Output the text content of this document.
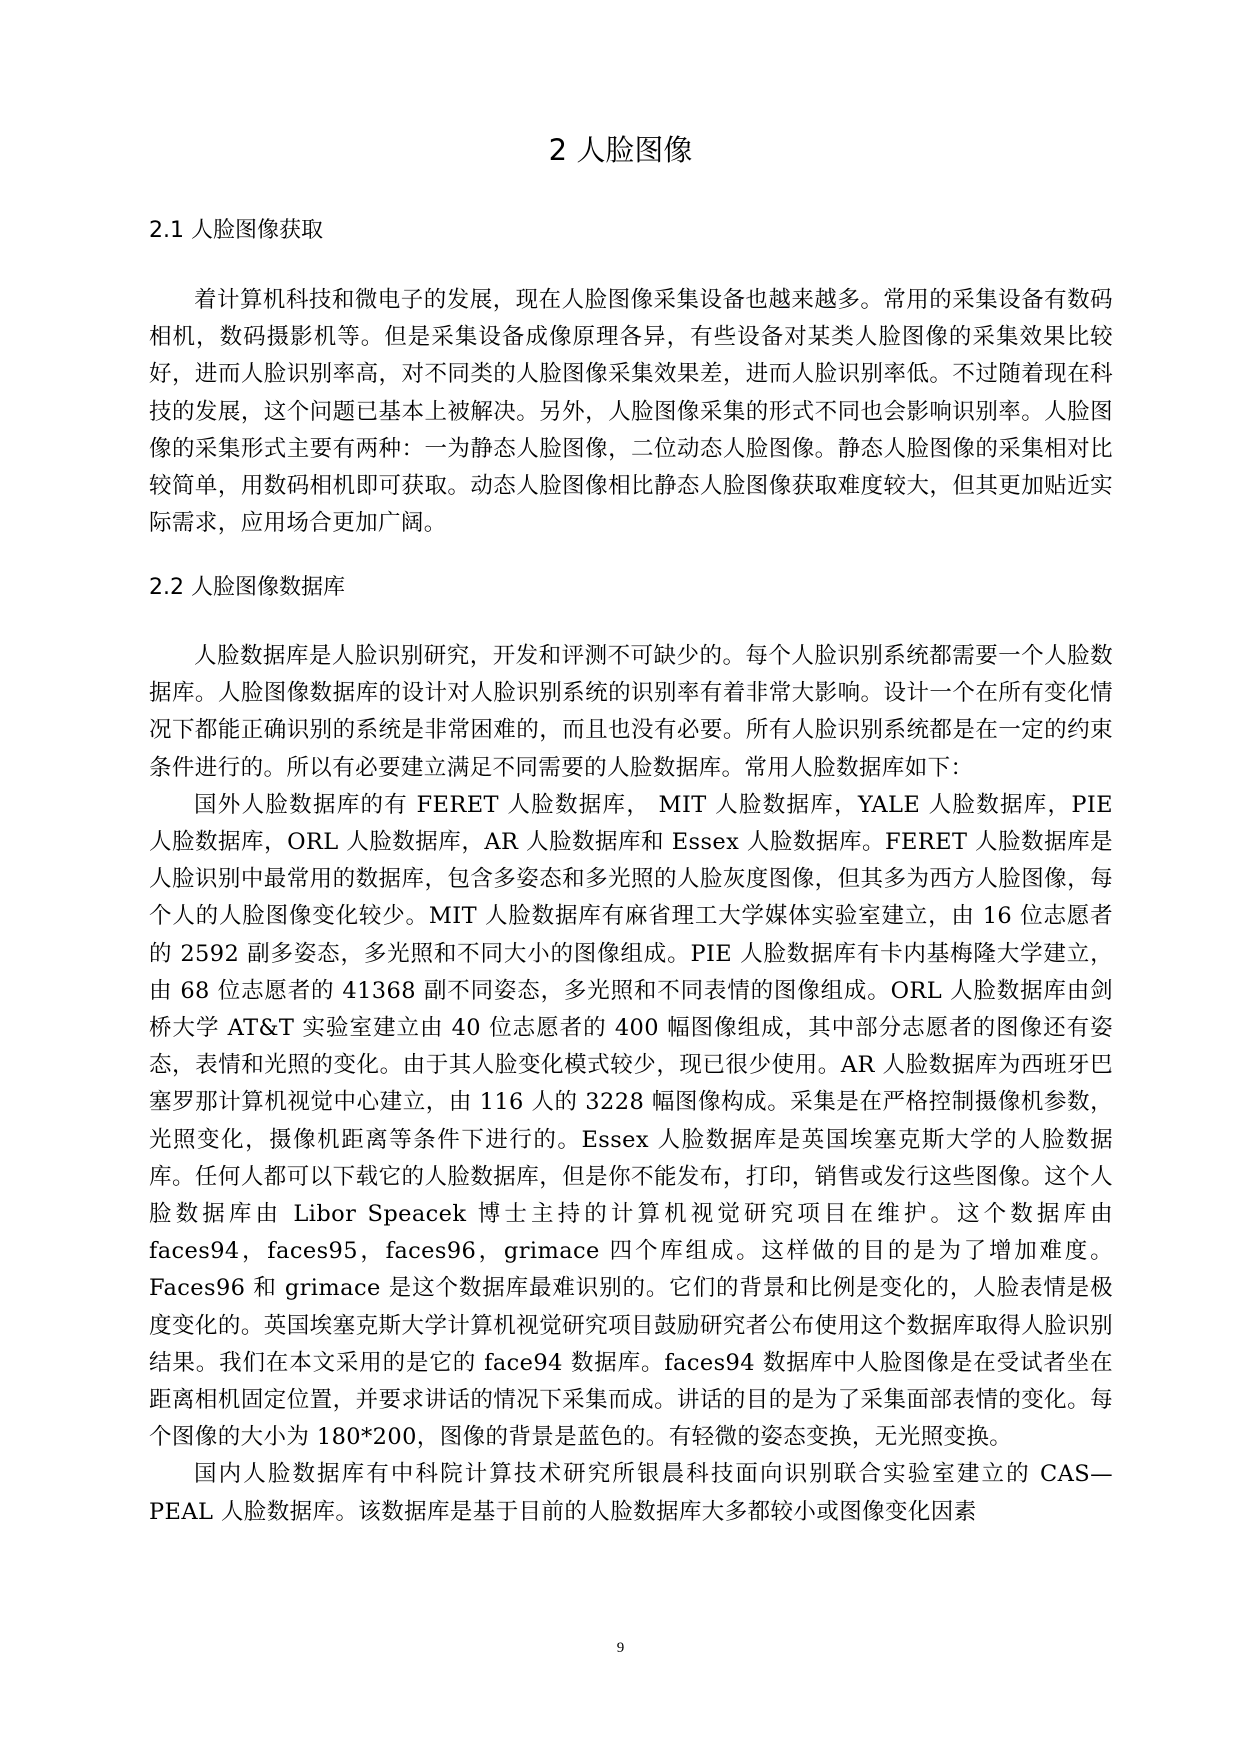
2 人脸图像
2.1 人脸图像获取

着计算机科技和微电子的发展，现在人脸图像采集设备也越来越多。常用的采集设备有数码相机，数码摄影机等。但是采集设备成像原理各异，有些设备对某类人脸图像的采集效果比较好，进而人脸识别率高，对不同类的人脸图像采集效果差，进而人脸识别率低。不过随着现在科技的发展，这个问题已基本上被解决。另外，人脸图像采集的形式不同也会影响识别率。人脸图像的采集形式主要有两种：一为静态人脸图像，二位动态人脸图像。静态人脸图像的采集相对比较简单，用数码相机即可获取。动态人脸图像相比静态人脸图像获取难度较大，但其更加贴近实际需求，应用场合更加广阔。

2.2 人脸图像数据库

人脸数据库是人脸识别研究，开发和评测不可缺少的。每个人脸识别系统都需要一个人脸数据库。人脸图像数据库的设计对人脸识别系统的识别率有着非常大影响。设计一个在所有变化情况下都能正确识别的系统是非常困难的，而且也没有必要。所有人脸识别系统都是在一定的约束条件进行的。所以有必要建立满足不同需要的人脸数据库。常用人脸数据库如下：

国外人脸数据库的有 FERET 人脸数据库， MIT 人脸数据库，YALE 人脸数据库，PIE 人脸数据库，ORL 人脸数据库，AR 人脸数据库和 Essex 人脸数据库。FERET 人脸数据库是人脸识别中最常用的数据库，包含多姿态和多光照的人脸灰度图像，但其多为西方人脸图像，每个人的人脸图像变化较少。MIT 人脸数据库有麻省理工大学媒体实验室建立，由 16 位志愿者的 2592 副多姿态，多光照和不同大小的图像组成。PIE 人脸数据库有卡内基梅隆大学建立，由 68 位志愿者的 41368 副不同姿态，多光照和不同表情的图像组成。ORL 人脸数据库由剑桥大学 AT&T 实验室建立由 40 位志愿者的 400 幅图像组成，其中部分志愿者的图像还有姿态，表情和光照的变化。由于其人脸变化模式较少，现已很少使用。AR 人脸数据库为西班牙巴塞罗那计算机视觉中心建立，由 116 人的 3228 幅图像构成。采集是在严格控制摄像机参数，光照变化，摄像机距离等条件下进行的。Essex 人脸数据库是英国埃塞克斯大学的人脸数据库。任何人都可以下载它的人脸数据库，但是你不能发布，打印，销售或发行这些图像。这个人脸数据库由 Libor Speacek 博士主持的计算机视觉研究项目在维护。这个数据库由 faces94，faces95，faces96，grimace 四个库组成。这样做的目的是为了增加难度。Faces96 和 grimace 是这个数据库最难识别的。它们的背景和比例是变化的，人脸表情是极度变化的。英国埃塞克斯大学计算机视觉研究项目鼓励研究者公布使用这个数据库取得人脸识别结果。我们在本文采用的是它的 face94 数据库。faces94 数据库中人脸图像是在受试者坐在距离相机固定位置，并要求讲话的情况下采集而成。讲话的目的是为了采集面部表情的变化。每个图像的大小为 180*200，图像的背景是蓝色的。有轻微的姿态变换，无光照变换。

国内人脸数据库有中科院计算技术研究所银晨科技面向识别联合实验室建立的 CAS—PEAL 人脸数据库。该数据库是基于目前的人脸数据库大多都较小或图像变化因素

9
